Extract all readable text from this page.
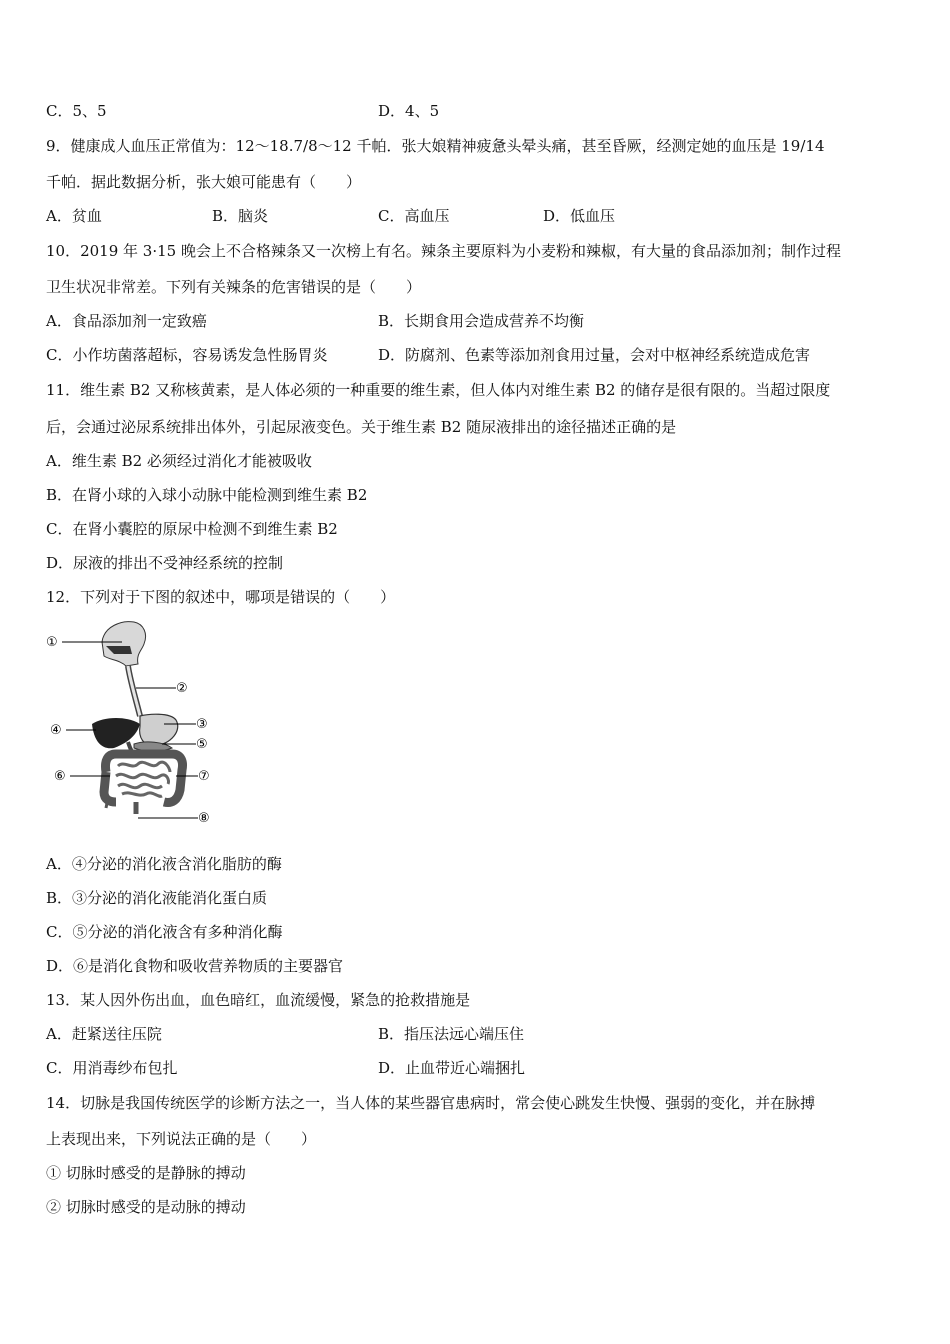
C．5、5	D．4、5
9．健康成人血压正常值为：12～18.7/8～12 千帕．张大娘精神疲惫头晕头痛，甚至昏厥，经测定她的血压是 19/14
千帕．据此数据分析，张大娘可能患有（　　）
A．贫血	B．脑炎	C．高血压	D．低血压
10．2019 年 3·15 晚会上不合格辣条又一次榜上有名。辣条主要原料为小麦粉和辣椒，有大量的食品添加剂；制作过程
卫生状况非常差。下列有关辣条的危害错误的是（　　）
A．食品添加剂一定致癌	B．长期食用会造成营养不均衡
C．小作坊菌落超标，容易诱发急性肠胃炎	D．防腐剂、色素等添加剂食用过量，会对中枢神经系统造成危害
11．维生素 B2 又称核黄素，是人体必须的一种重要的维生素，但人体内对维生素 B2 的储存是很有限的。当超过限度
后，会通过泌尿系统排出体外，引起尿液变色。关于维生素 B2 随尿液排出的途径描述正确的是
A．维生素 B2 必须经过消化才能被吸收
B．在肾小球的入球小动脉中能检测到维生素 B2
C．在肾小囊腔的原尿中检测不到维生素 B2
D．尿液的排出不受神经系统的控制
12．下列对于下图的叙述中，哪项是错误的（　　）
①
②
③
④
⑤
⑥	⑦
⑧
A．④分泌的消化液含消化脂肪的酶
B．③分泌的消化液能消化蛋白质
C．⑤分泌的消化液含有多种消化酶
D．⑥是消化食物和吸收营养物质的主要器官
13．某人因外伤出血，血色暗红，血流缓慢，紧急的抢救措施是
A．赶紧送往压院	B．指压法远心端压住
C．用消毒纱布包扎	D．止血带近心端捆扎
14．切脉是我国传统医学的诊断方法之一，当人体的某些器官患病时，常会使心跳发生快慢、强弱的变化，并在脉搏
上表现出来，下列说法正确的是（　　）
① 切脉时感受的是静脉的搏动
② 切脉时感受的是动脉的搏动
